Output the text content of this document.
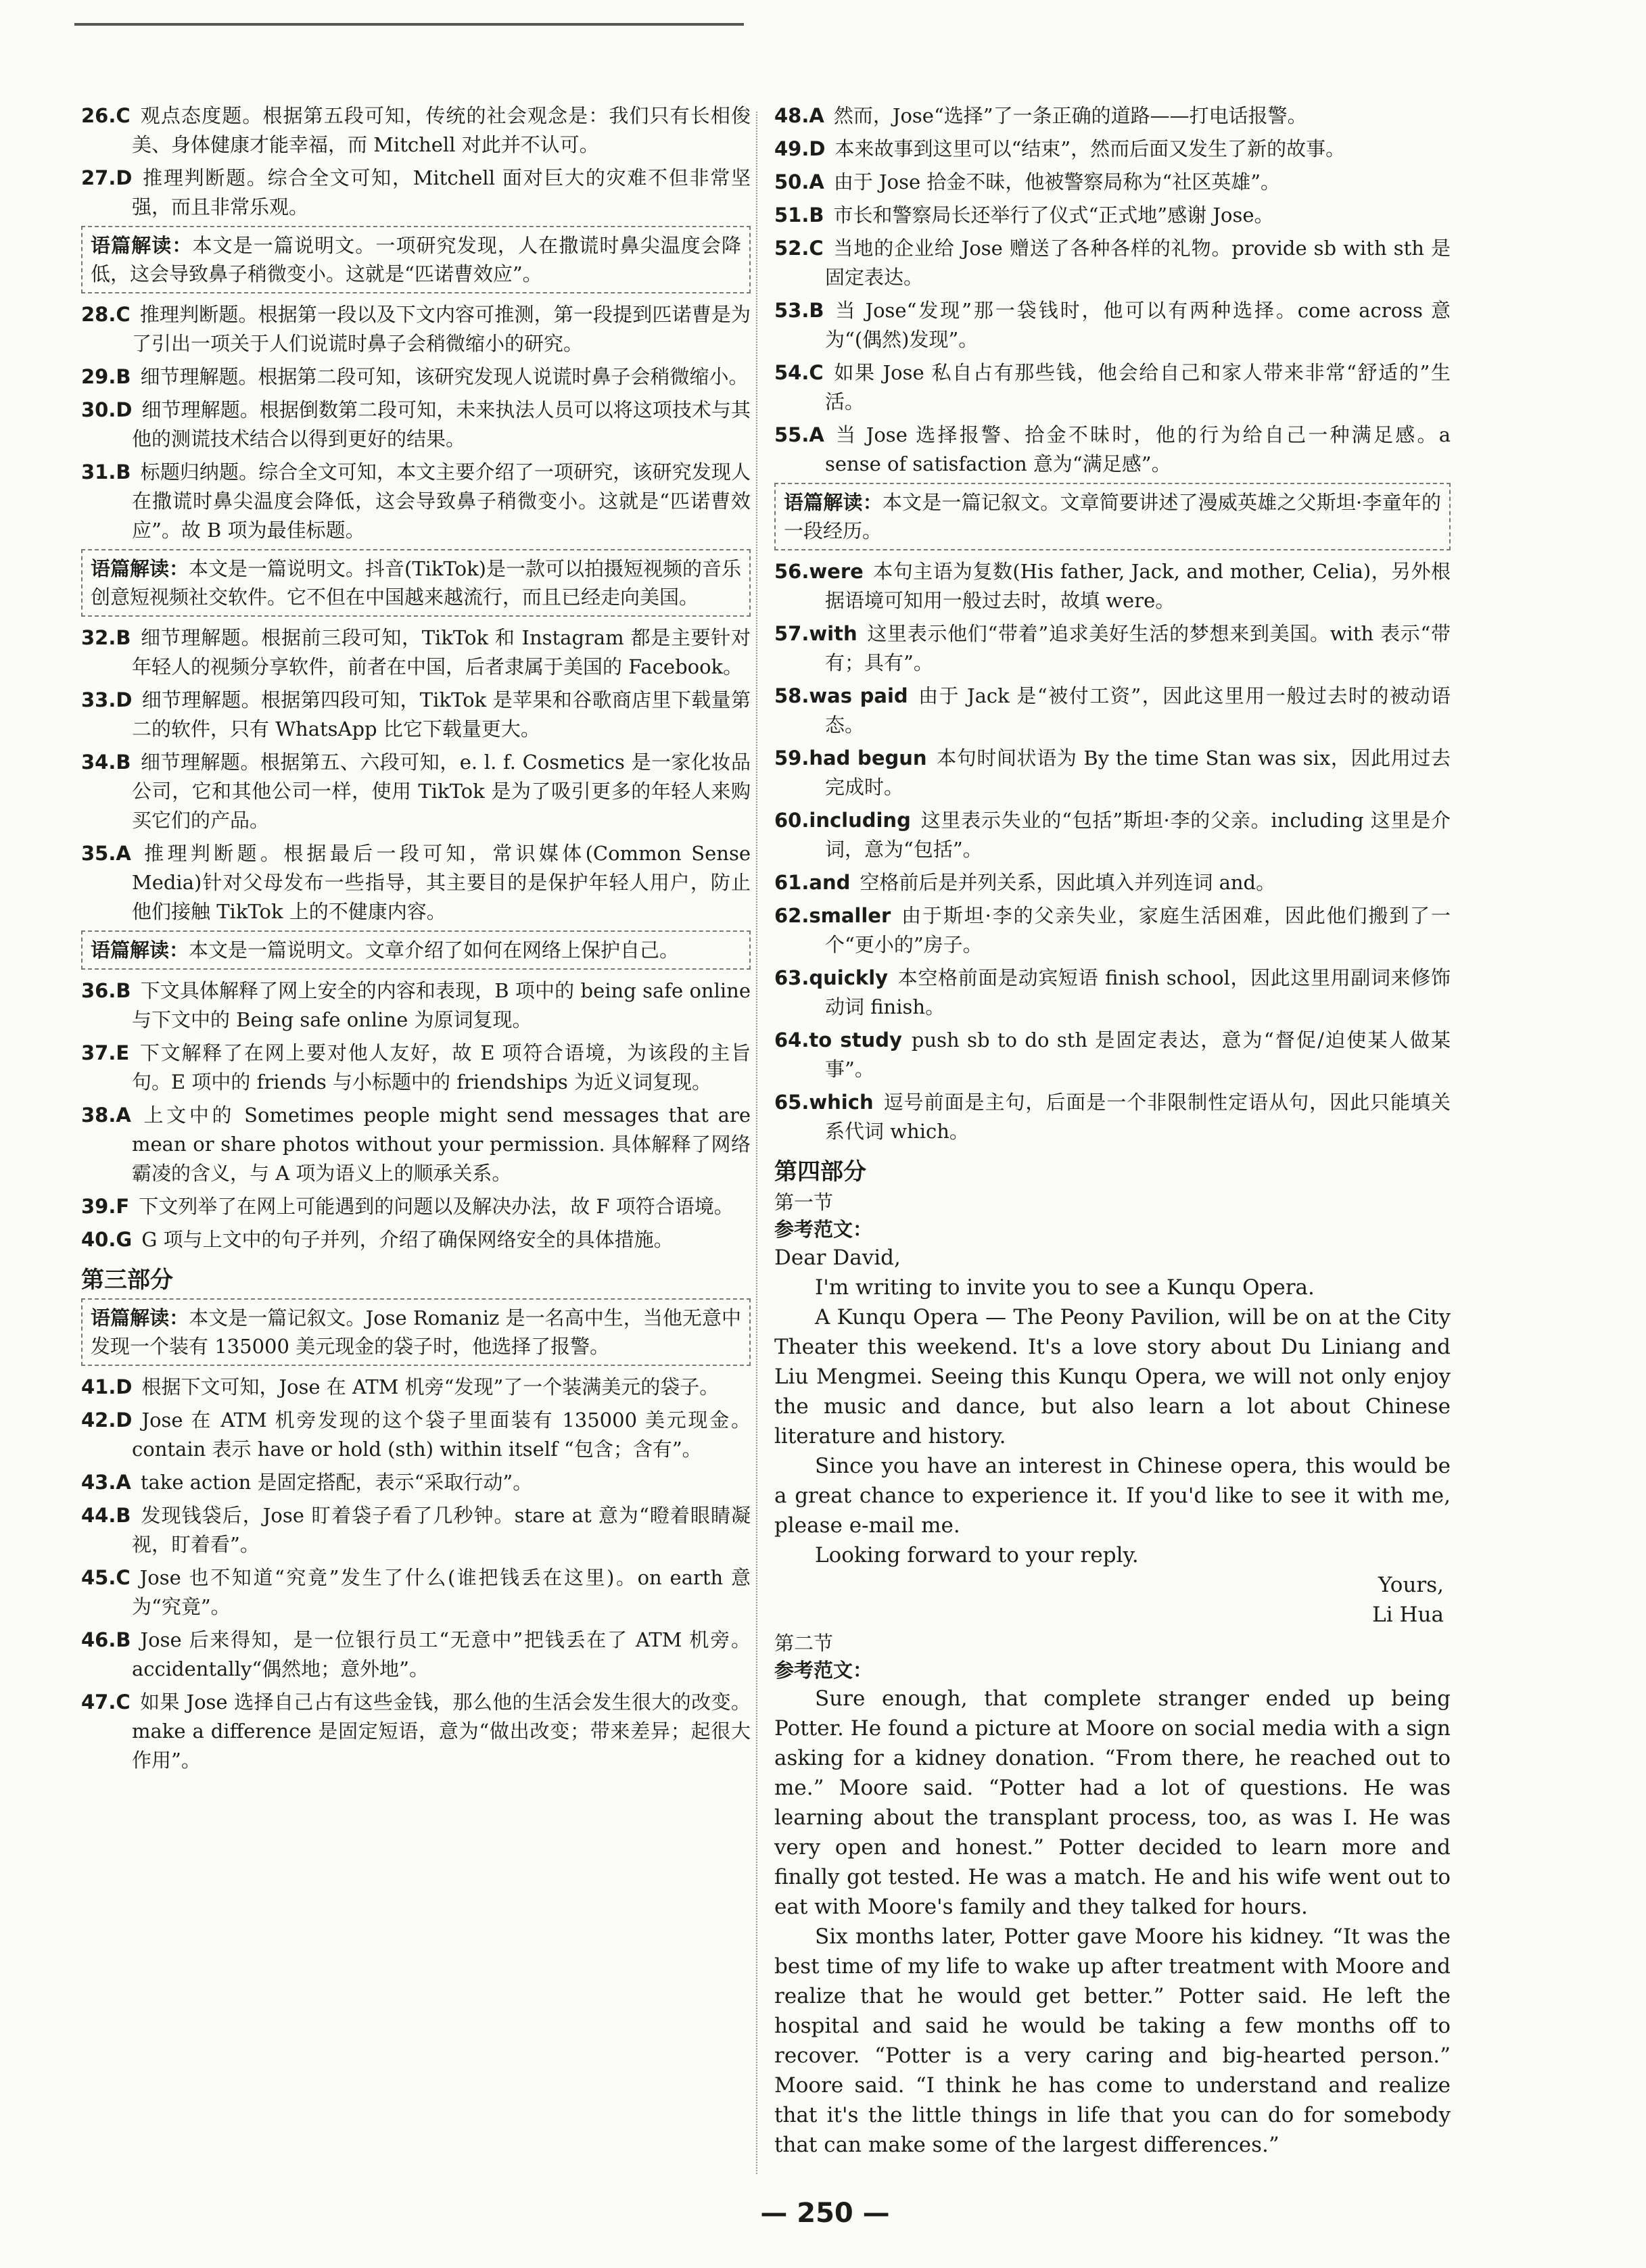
26.C 观点态度题。根据第五段可知，传统的社会观念是：我们只有长相俊美、身体健康才能幸福，而 Mitchell 对此并不认可。
27.D 推理判断题。综合全文可知，Mitchell 面对巨大的灾难不但非常坚强，而且非常乐观。
语篇解读：本文是一篇说明文。一项研究发现，人在撒谎时鼻尖温度会降低，这会导致鼻子稍微变小。这就是“匹诺曹效应”。
28.C 推理判断题。根据第一段以及下文内容可推测，第一段提到匹诺曹是为了引出一项关于人们说谎时鼻子会稍微缩小的研究。
29.B 细节理解题。根据第二段可知，该研究发现人说谎时鼻子会稍微缩小。
30.D 细节理解题。根据倒数第二段可知，未来执法人员可以将这项技术与其他的测谎技术结合以得到更好的结果。
31.B 标题归纳题。综合全文可知，本文主要介绍了一项研究，该研究发现人在撒谎时鼻尖温度会降低，这会导致鼻子稍微变小。这就是“匹诺曹效应”。故 B 项为最佳标题。
语篇解读：本文是一篇说明文。抖音(TikTok)是一款可以拍摄短视频的音乐创意短视频社交软件。它不但在中国越来越流行，而且已经走向美国。
32.B 细节理解题。根据前三段可知，TikTok 和 Instagram 都是主要针对年轻人的视频分享软件，前者在中国，后者隶属于美国的 Facebook。
33.D 细节理解题。根据第四段可知，TikTok 是苹果和谷歌商店里下载量第二的软件，只有 WhatsApp 比它下载量更大。
34.B 细节理解题。根据第五、六段可知，e. l. f. Cosmetics 是一家化妆品公司，它和其他公司一样，使用 TikTok 是为了吸引更多的年轻人来购买它们的产品。
35.A 推理判断题。根据最后一段可知，常识媒体(Common Sense Media)针对父母发布一些指导，其主要目的是保护年轻人用户，防止他们接触 TikTok 上的不健康内容。
语篇解读：本文是一篇说明文。文章介绍了如何在网络上保护自己。
36.B 下文具体解释了网上安全的内容和表现，B 项中的 being safe online 与下文中的 Being safe online 为原词复现。
37.E 下文解释了在网上要对他人友好，故 E 项符合语境，为该段的主旨句。E 项中的 friends 与小标题中的 friendships 为近义词复现。
38.A 上文中的 Sometimes people might send messages that are mean or share photos without your permission. 具体解释了网络霸凌的含义，与 A 项为语义上的顺承关系。
39.F 下文列举了在网上可能遇到的问题以及解决办法，故 F 项符合语境。
40.G G 项与上文中的句子并列，介绍了确保网络安全的具体措施。
第三部分
语篇解读：本文是一篇记叙文。Jose Romaniz 是一名高中生，当他无意中发现一个装有 135000 美元现金的袋子时，他选择了报警。
41.D 根据下文可知，Jose 在 ATM 机旁“发现”了一个装满美元的袋子。
42.D Jose 在 ATM 机旁发现的这个袋子里面装有 135000 美元现金。contain 表示 have or hold (sth) within itself “包含；含有”。
43.A take action 是固定搭配，表示“采取行动”。
44.B 发现钱袋后，Jose 盯着袋子看了几秒钟。stare at 意为“瞪着眼睛凝视，盯着看”。
45.C Jose 也不知道“究竟”发生了什么(谁把钱丢在这里)。on earth 意为“究竟”。
46.B Jose 后来得知，是一位银行员工“无意中”把钱丢在了 ATM 机旁。accidentally“偶然地；意外地”。
47.C 如果 Jose 选择自己占有这些金钱，那么他的生活会发生很大的改变。make a difference 是固定短语，意为“做出改变；带来差异；起很大作用”。
48.A 然而，Jose“选择”了一条正确的道路——打电话报警。
49.D 本来故事到这里可以“结束”，然而后面又发生了新的故事。
50.A 由于 Jose 拾金不昧，他被警察局称为“社区英雄”。
51.B 市长和警察局长还举行了仪式“正式地”感谢 Jose。
52.C 当地的企业给 Jose 赠送了各种各样的礼物。provide sb with sth 是固定表达。
53.B 当 Jose“发现”那一袋钱时，他可以有两种选择。come across 意为“(偶然)发现”。
54.C 如果 Jose 私自占有那些钱，他会给自己和家人带来非常“舒适的”生活。
55.A 当 Jose 选择报警、拾金不昧时，他的行为给自己一种满足感。a sense of satisfaction 意为“满足感”。
语篇解读：本文是一篇记叙文。文章简要讲述了漫威英雄之父斯坦·李童年的一段经历。
56.were 本句主语为复数(His father, Jack, and mother, Celia)，另外根据语境可知用一般过去时，故填 were。
57.with 这里表示他们“带着”追求美好生活的梦想来到美国。with 表示“带有；具有”。
58.was paid 由于 Jack 是“被付工资”，因此这里用一般过去时的被动语态。
59.had begun 本句时间状语为 By the time Stan was six，因此用过去完成时。
60.including 这里表示失业的“包括”斯坦·李的父亲。including 这里是介词，意为“包括”。
61.and 空格前后是并列关系，因此填入并列连词 and。
62.smaller 由于斯坦·李的父亲失业，家庭生活困难，因此他们搬到了一个“更小的”房子。
63.quickly 本空格前面是动宾短语 finish school，因此这里用副词来修饰动词 finish。
64.to study push sb to do sth 是固定表达，意为“督促/迫使某人做某事”。
65.which 逗号前面是主句，后面是一个非限制性定语从句，因此只能填关系代词 which。
第四部分
第一节
参考范文：

Dear David,

I'm writing to invite you to see a Kunqu Opera.

A Kunqu Opera — The Peony Pavilion, will be on at the City Theater this weekend. It's a love story about Du Liniang and Liu Mengmei. Seeing this Kunqu Opera, we will not only enjoy the music and dance, but also learn a lot about Chinese literature and history.

Since you have an interest in Chinese opera, this would be a great chance to experience it. If you'd like to see it with me, please e-mail me.

Looking forward to your reply.

Yours,

Li Hua

第二节
参考范文：

Sure enough, that complete stranger ended up being Potter. He found a picture at Moore on social media with a sign asking for a kidney donation. “From there, he reached out to me.” Moore said. “Potter had a lot of questions. He was learning about the transplant process, too, as was I. He was very open and honest.” Potter decided to learn more and finally got tested. He was a match. He and his wife went out to eat with Moore's family and they talked for hours.

Six months later, Potter gave Moore his kidney. “It was the best time of my life to wake up after treatment with Moore and realize that he would get better.” Potter said. He left the hospital and said he would be taking a few months off to recover. “Potter is a very caring and big-hearted person.” Moore said. “I think he has come to understand and realize that it's the little things in life that you can do for somebody that can make some of the largest differences.”

— 250 —
